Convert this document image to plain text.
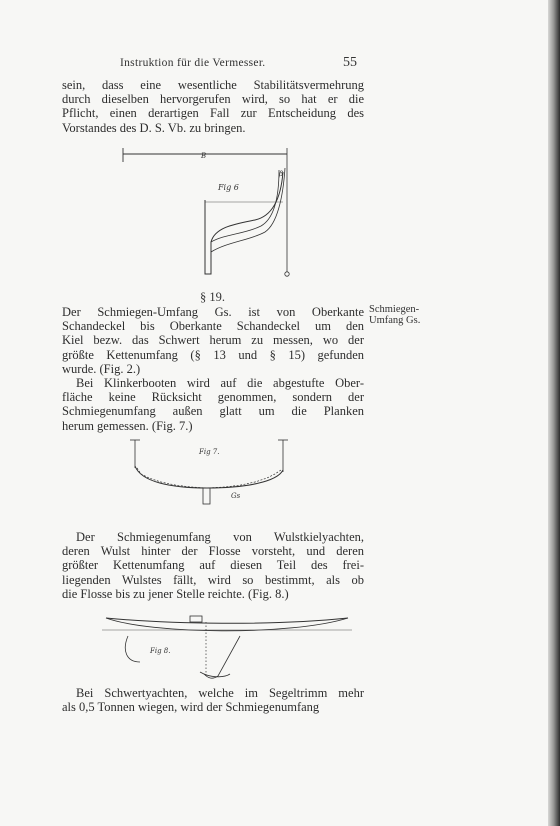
Instruktion für die Vermesser.	55
sein, dass eine wesentliche Stabilitätsvermehrung
durch dieselben hervorgerufen wird, so hat er die
Pflicht, einen derartigen Fall zur Entscheidung des
Vorstandes des D. S. Vb. zu bringen.
B
Fig 6
β
§ 19.
Schmiegen-
Umfang Gs.
Der Schmiegen-Umfang Gs. ist von Oberkante
Schandeckel bis Oberkante Schandeckel um den
Kiel bezw. das Schwert herum zu messen, wo der
größte Kettenumfang (§ 13 und § 15) gefunden
wurde. (Fig. 2.)
Bei Klinkerbooten wird auf die abgestufte Ober-
fläche keine Rücksicht genommen, sondern der
Schmiegenumfang außen glatt um die Planken
herum gemessen. (Fig. 7.)
Fig 7.
Gs
Der Schmiegenumfang von Wulstkielyachten,
deren Wulst hinter der Flosse vorsteht, und deren
größter Kettenumfang auf diesen Teil des frei-
liegenden Wulstes fällt, wird so bestimmt, als ob
die Flosse bis zu jener Stelle reichte. (Fig. 8.)
Fig 8.
Bei Schwertyachten, welche im Segeltrimm mehr
als 0,5 Tonnen wiegen, wird der Schmiegenumfang
